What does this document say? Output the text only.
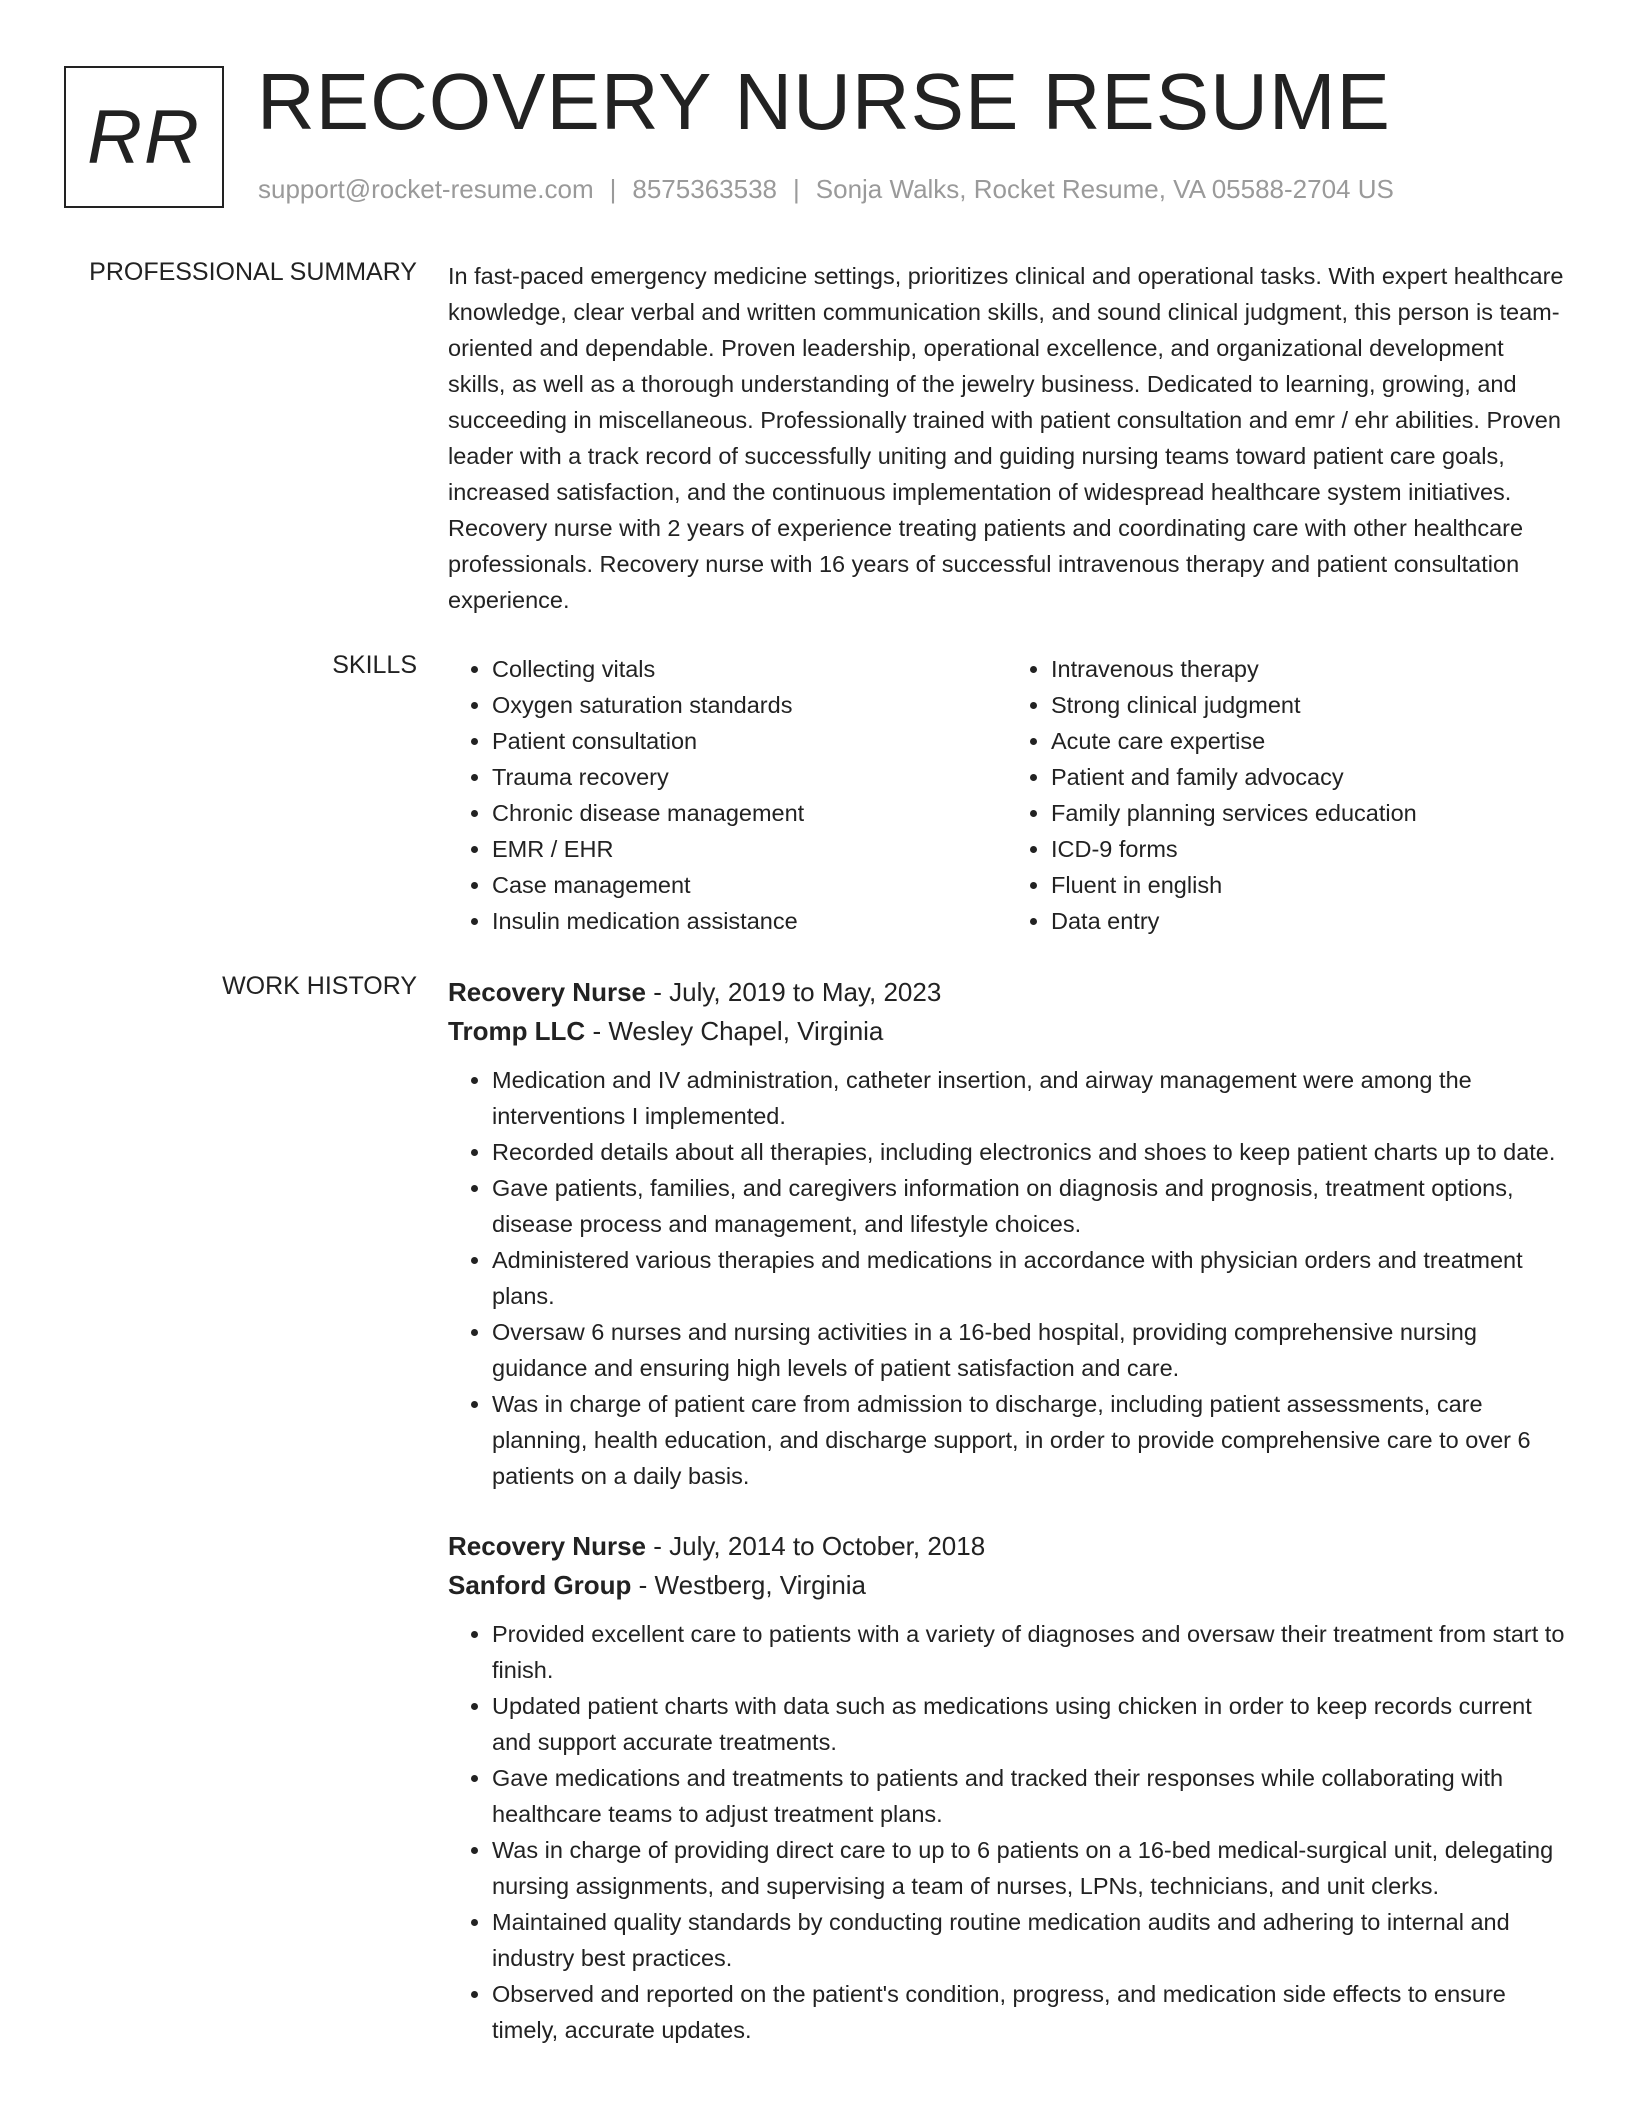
RR RECOVERY NURSE RESUME
support@rocket-resume.com | 8575363538 | Sonja Walks, Rocket Resume, VA 05588-2704 US
PROFESSIONAL SUMMARY In fast-paced emergency medicine settings, prioritizes clinical and operational tasks. With expert healthcare knowledge, clear verbal and written communication skills, and sound clinical judgment, this person is team-oriented and dependable. Proven leadership, operational excellence, and organizational development skills, as well as a thorough understanding of the jewelry business. Dedicated to learning, growing, and succeeding in miscellaneous. Professionally trained with patient consultation and emr / ehr abilities. Proven leader with a track record of successfully uniting and guiding nursing teams toward patient care goals, increased satisfaction, and the continuous implementation of widespread healthcare system initiatives. Recovery nurse with 2 years of experience treating patients and coordinating care with other healthcare professionals. Recovery nurse with 16 years of successful intravenous therapy and patient consultation experience.

SKILLS
•	Collecting vitals
• Oxygen saturation standards
• Patient consultation
• Trauma recovery
• Chronic disease management
• EMR / EHR
• Case management
• Insulin medication assistance
• Intravenous therapy
• Strong clinical judgment
• Acute care expertise
• Patient and family advocacy
• Family planning services education
• ICD-9 forms
• Fluent in english
• Data entry
WORK HISTORY Recovery Nurse - July, 2019 to May, 2023

Tromp LLC - Wesley Chapel, Virginia

• Medication and IV administration, catheter insertion, and airway management were among the interventions I implemented.
• Recorded details about all therapies, including electronics and shoes to keep patient charts up to date.
• Gave patients, families, and caregivers information on diagnosis and prognosis, treatment options, disease process and management, and lifestyle choices.
• Administered various therapies and medications in accordance with physician orders and treatment plans.
• Oversaw 6 nurses and nursing activities in a 16-bed hospital, providing comprehensive nursing guidance and ensuring high levels of patient satisfaction and care.
• Was in charge of patient care from admission to discharge, including patient assessments, care planning, health education, and discharge support, in order to provide comprehensive care to over 6 patients on a daily basis.

Recovery Nurse - July, 2014 to October, 2018

Sanford Group - Westberg, Virginia

• Provided excellent care to patients with a variety of diagnoses and oversaw their treatment from start to finish.
• Updated patient charts with data such as medications using chicken in order to keep records current and support accurate treatments.
• Gave medications and treatments to patients and tracked their responses while collaborating with healthcare teams to adjust treatment plans.
• Was in charge of providing direct care to up to 6 patients on a 16-bed medical-surgical unit, delegating nursing assignments, and supervising a team of nurses, LPNs, technicians, and unit clerks.
• Maintained quality standards by conducting routine medication audits and adhering to internal and industry best practices.
• Observed and reported on the patient's condition, progress, and medication side effects to ensure timely, accurate updates.
